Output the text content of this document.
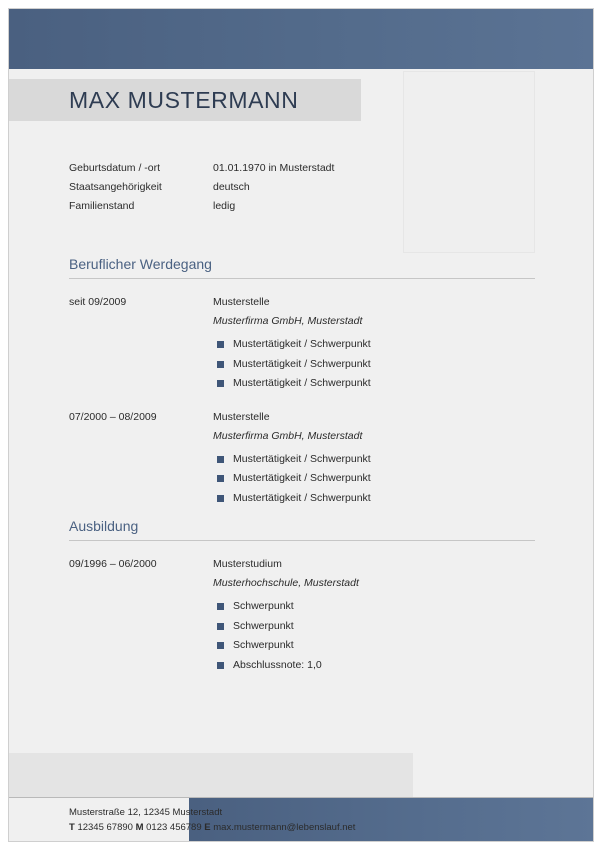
MAX MUSTERMANN
Geburtsdatum / -ort	01.01.1970 in Musterstadt
Staatsangehörigkeit	deutsch
Familienstand	ledig
Beruflicher Werdegang
seit 09/2009	Musterstelle
Musterfirma GmbH, Musterstadt
Mustertätigkeit / Schwerpunkt
Mustertätigkeit / Schwerpunkt
Mustertätigkeit / Schwerpunkt
07/2000 – 08/2009	Musterstelle
Musterfirma GmbH, Musterstadt
Mustertätigkeit / Schwerpunkt
Mustertätigkeit / Schwerpunkt
Mustertätigkeit / Schwerpunkt
Ausbildung
09/1996 – 06/2000	Musterstudium
Musterhochschule, Musterstadt
Schwerpunkt
Schwerpunkt
Schwerpunkt
Abschlussnote: 1,0
Musterstraße 12, 12345 Musterstadt
T 12345 67890 M 0123 456789 E max.mustermann@lebenslauf.net
